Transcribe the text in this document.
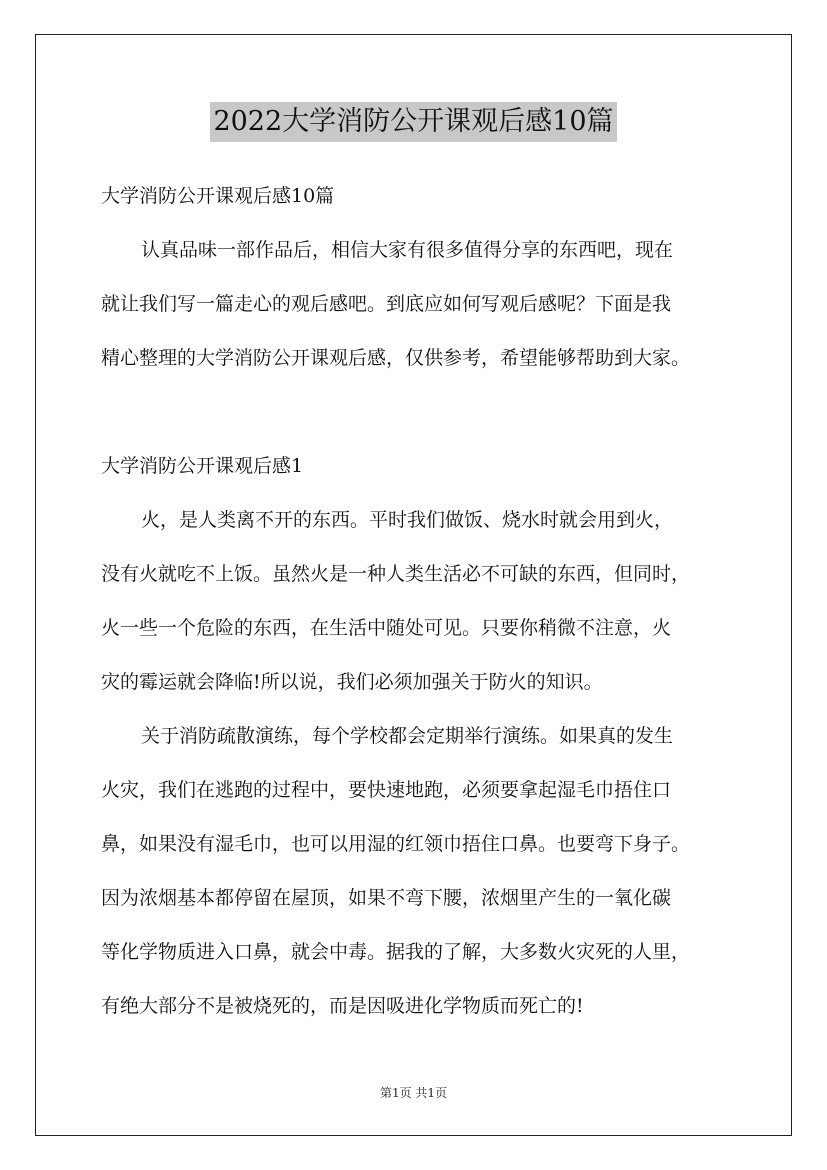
2022大学消防公开课观后感10篇
大学消防公开课观后感10篇
认真品味一部作品后，相信大家有很多值得分享的东西吧，现在
就让我们写一篇走心的观后感吧。到底应如何写观后感呢？下面是我
精心整理的大学消防公开课观后感，仅供参考，希望能够帮助到大家。
大学消防公开课观后感1
火，是人类离不开的东西。平时我们做饭、烧水时就会用到火，
没有火就吃不上饭。虽然火是一种人类生活必不可缺的东西，但同时，
火一些一个危险的东西，在生活中随处可见。只要你稍微不注意，火
灾的霉运就会降临!所以说，我们必须加强关于防火的知识。
关于消防疏散演练，每个学校都会定期举行演练。如果真的发生
火灾，我们在逃跑的过程中，要快速地跑，必须要拿起湿毛巾捂住口
鼻，如果没有湿毛巾，也可以用湿的红领巾捂住口鼻。也要弯下身子。
因为浓烟基本都停留在屋顶，如果不弯下腰，浓烟里产生的一氧化碳
等化学物质进入口鼻，就会中毒。据我的了解，大多数火灾死的人里，
有绝大部分不是被烧死的，而是因吸进化学物质而死亡的!
第1页 共1页
